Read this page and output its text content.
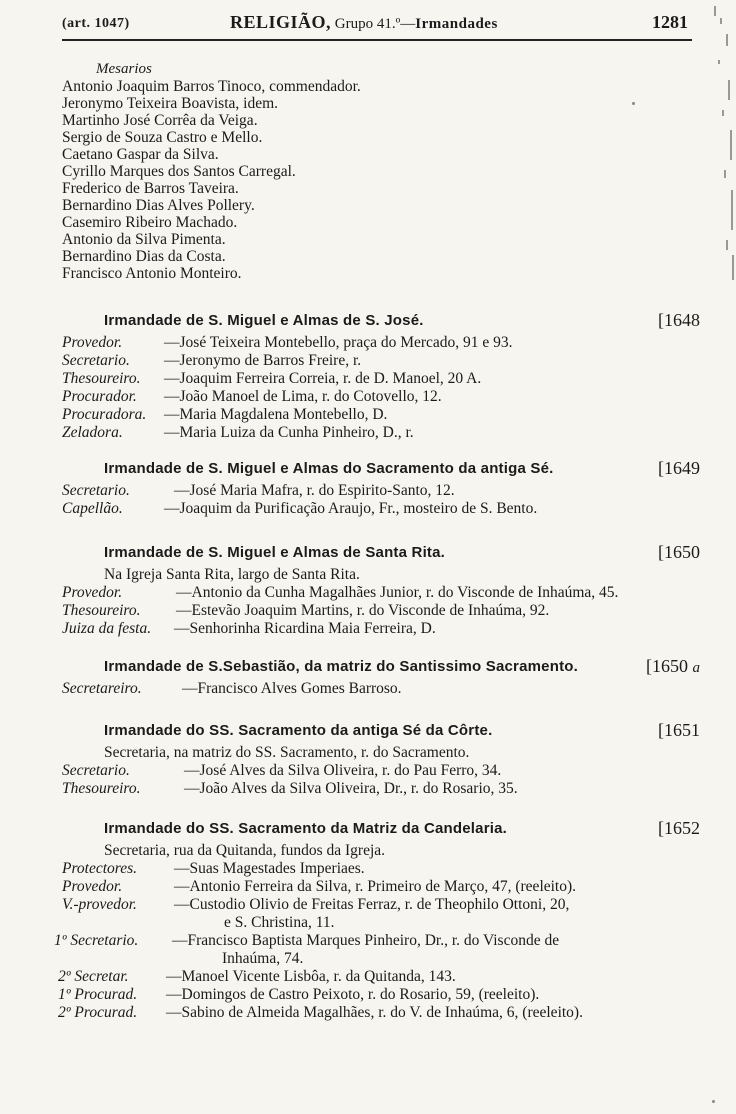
(art. 1047)	RELIGIÃO, Grupo 41.º—Irmandades	1281
Mesarios
Antonio Joaquim Barros Tinoco, commendador.
Jeronymo Teixeira Boavista, idem.
Martinho José Corrêa da Veiga.
Sergio de Souza Castro e Mello.
Caetano Gaspar da Silva.
Cyrillo Marques dos Santos Carregal.
Frederico de Barros Taveira.
Bernardino Dias Alves Pollery.
Casemiro Ribeiro Machado.
Antonio da Silva Pimenta.
Bernardino Dias da Costa.
Francisco Antonio Monteiro.
Irmandade de S. Miguel e Almas de S. José.	[1648
Provedor.	—José Teixeira Montebello, praça do Mercado, 91 e 93.
Secretario. —Jeronymo de Barros Freire, r.
Thesoureiro. —Joaquim Ferreira Correia, r. de D. Manoel, 20 A.
Procurador. —João Manoel de Lima, r. do Cotovello, 12.
Procuradora. —Maria Magdalena Montebello, D.
Zeladora.	—Maria Luiza da Cunha Pinheiro, D., r.
Irmandade de S. Miguel e Almas do Sacramento da antiga Sé.	[1649
Secretario.	—José Maria Mafra, r. do Espirito-Santo, 12.
Capellão.	—Joaquim da Purificação Araujo, Fr., mosteiro de S. Bento.
Irmandade de S. Miguel e Almas de Santa Rita.	[1650
Na Igreja Santa Rita, largo de Santa Rita.
Provedor.	—Antonio da Cunha Magalhães Junior, r. do Visconde de Inhaúma, 45.
Thesoureiro. —Estevão Joaquim Martins, r. do Visconde de Inhaúma, 92.
Juiza da festa. —Senhorinha Ricardina Maia Ferreira, D.
Irmandade de S.Sebastião, da matriz do Santissimo Sacramento.	[1650 a
Secretareiro.	—Francisco Alves Gomes Barroso.
Irmandade do SS. Sacramento da antiga Sé da Côrte.	[1651
Secretaria, na matriz do SS. Sacramento, r. do Sacramento.
Secretario.	—José Alves da Silva Oliveira, r. do Pau Ferro, 34.
Thesoureiro.	—João Alves da Silva Oliveira, Dr., r. do Rosario, 35.
Irmandade do SS. Sacramento da Matriz da Candelaria.	[1652
Secretaria, rua da Quitanda, fundos da Igreja.
Protectores. —Suas Magestades Imperiaes.
Provedor.	—Antonio Ferreira da Silva, r. Primeiro de Março, 47, (reeleito).
V.-provedor. —Custodio Olivio de Freitas Ferraz, r. de Theophilo Ottoni, 20,
e S. Christina, 11.
1º Secretario. —Francisco Baptista Marques Pinheiro, Dr., r. do Visconde de
Inhaúma, 74.
2º Secretar. —Manoel Vicente Lisbôa, r. da Quitanda, 143.
1º Procurad. —Domingos de Castro Peixoto, r. do Rosario, 59, (reeleito).
2º Procurad. —Sabino de Almeida Magalhães, r. do V. de Inhaúma, 6, (reeleito).
